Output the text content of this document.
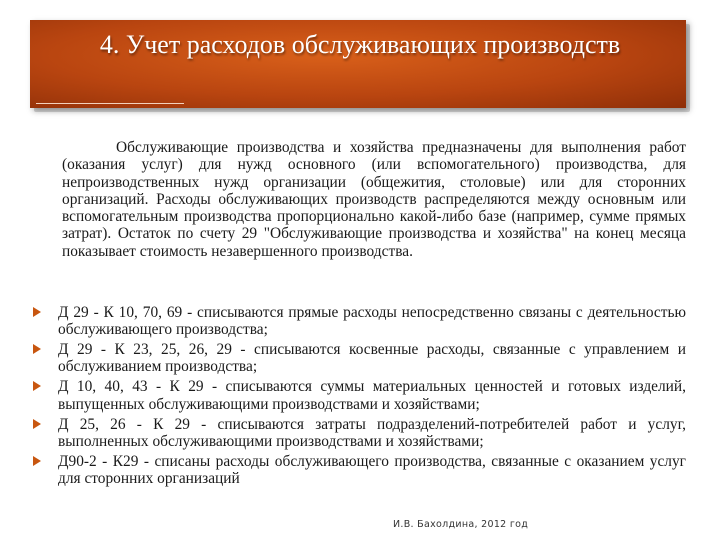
4. Учет расходов обслуживающих производств

Обслуживающие производства и хозяйства предназначены для выполнения работ (оказания услуг) для нужд основного (или вспомогательного) производства, для непроизводственных нужд организации (общежития, столовые) или для сторонних организаций. Расходы обслуживающих производств распределяются между основным или вспомогательным производства пропорционально какой-либо базе (например, сумме прямых затрат). Остаток по счету 29 "Обслуживающие производства и хозяйства" на конец месяца показывает стоимость незавершенного производства.

Д 29 - К 10, 70, 69 - списываются прямые расходы непосредственно связаны с деятельностью обслуживающего производства;
Д 29 - К 23, 25, 26, 29 - списываются косвенные расходы, связанные с управлением и обслуживанием производства;
Д 10, 40, 43 - К 29 - списываются суммы материальных ценностей и готовых изделий, выпущенных обслуживающими производствами и хозяйствами;
Д 25, 26 - К 29 - списываются затраты подразделений-потребителей работ и услуг, выполненных обслуживающими производствами и хозяйствами;
Д90-2 - К29 - списаны расходы обслуживающего производства, связанные с оказанием услуг для сторонних организаций
И.В. Бахолдина, 2012 год
